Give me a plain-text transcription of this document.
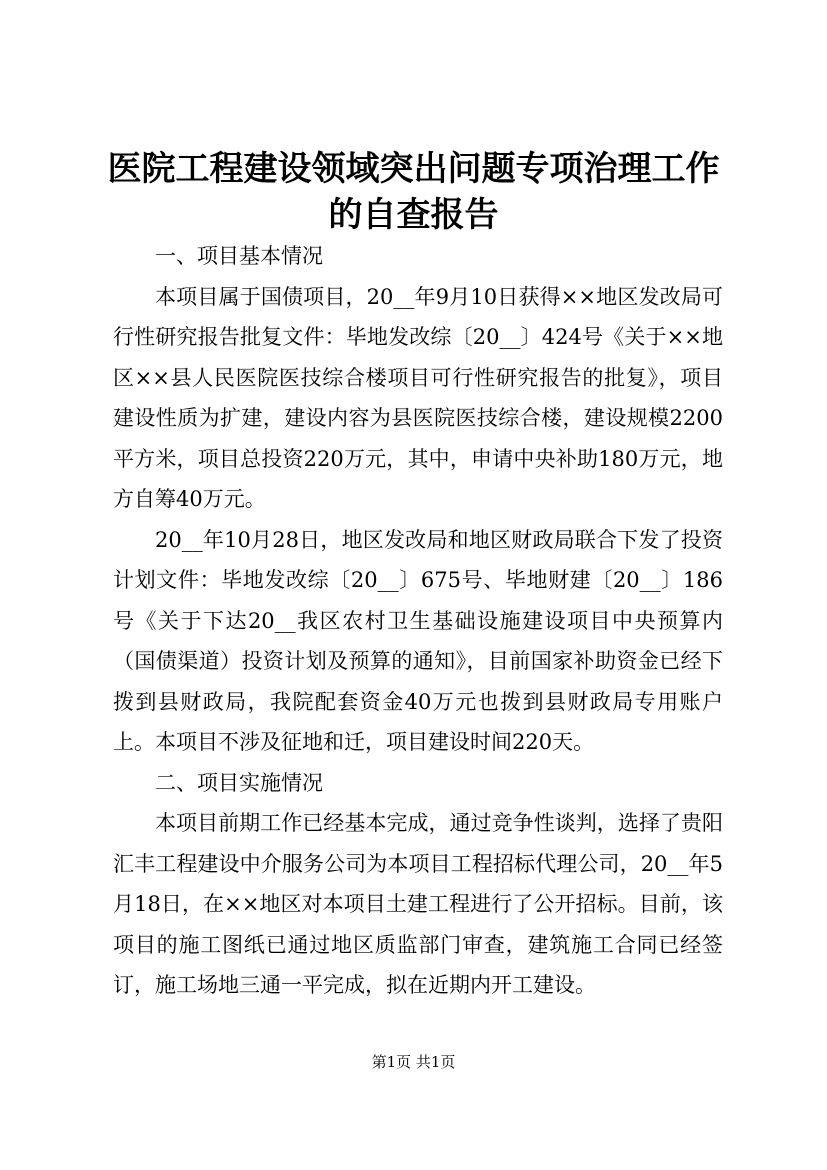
医院工程建设领域突出问题专项治理工作的自查报告

一、项目基本情况

本项目属于国债项目，20__年9月10日获得××地区发改局可行性研究报告批复文件：毕地发改综〔20__〕424号《关于××地区××县人民医院医技综合楼项目可行性研究报告的批复》，项目建设性质为扩建，建设内容为县医院医技综合楼，建设规模2200平方米，项目总投资220万元，其中，申请中央补助180万元，地方自筹40万元。

20__年10月28日，地区发改局和地区财政局联合下发了投资计划文件：毕地发改综〔20__〕675号、毕地财建〔20__〕186号《关于下达20__我区农村卫生基础设施建设项目中央预算内（国债渠道）投资计划及预算的通知》，目前国家补助资金已经下拨到县财政局，我院配套资金40万元也拨到县财政局专用账户上。本项目不涉及征地和迁，项目建设时间220天。

二、项目实施情况

本项目前期工作已经基本完成，通过竞争性谈判，选择了贵阳汇丰工程建设中介服务公司为本项目工程招标代理公司，20__年5月18日，在××地区对本项目土建工程进行了公开招标。目前，该项目的施工图纸已通过地区质监部门审查，建筑施工合同已经签订，施工场地三通一平完成，拟在近期内开工建设。

第1页 共1页
